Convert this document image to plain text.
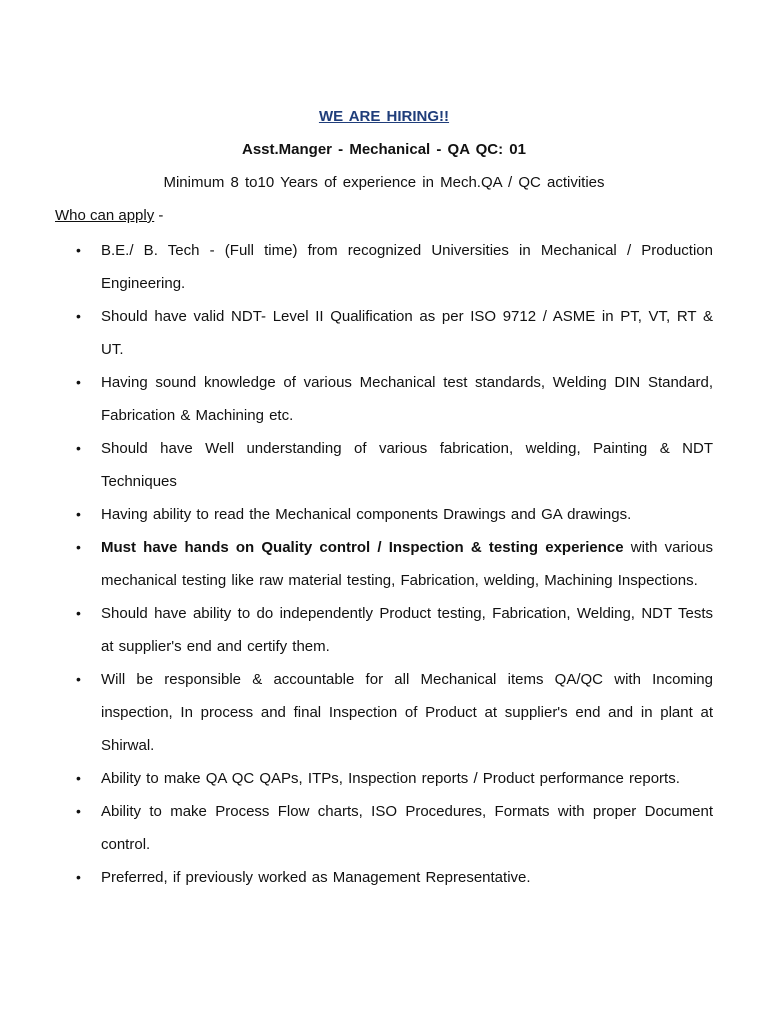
WE ARE HIRING!!

Asst.Manger - Mechanical - QA QC: 01

Minimum 8 to10 Years of experience in Mech.QA / QC activities

Who can apply -

• B.E./ B. Tech - (Full time) from recognized Universities in Mechanical / Production Engineering.
• Should have valid NDT- Level II Qualification as per ISO 9712 / ASME in PT, VT, RT & UT.
• Having sound knowledge of various Mechanical test standards, Welding DIN Standard, Fabrication & Machining etc.
• Should have Well understanding of various fabrication, welding, Painting & NDT Techniques
• Having ability to read the Mechanical components Drawings and GA drawings.
• Must have hands on Quality control / Inspection & testing experience with various mechanical testing like raw material testing, Fabrication, welding, Machining Inspections.
• Should have ability to do independently Product testing, Fabrication, Welding, NDT Tests at supplier's end and certify them.
• Will be responsible & accountable for all Mechanical items QA/QC with Incoming inspection, In process and final Inspection of Product at supplier's end and in plant at Shirwal.
• Ability to make QA QC QAPs, ITPs, Inspection reports / Product performance reports.
• Ability to make Process Flow charts, ISO Procedures, Formats with proper Document control.
• Preferred, if previously worked as Management Representative.
